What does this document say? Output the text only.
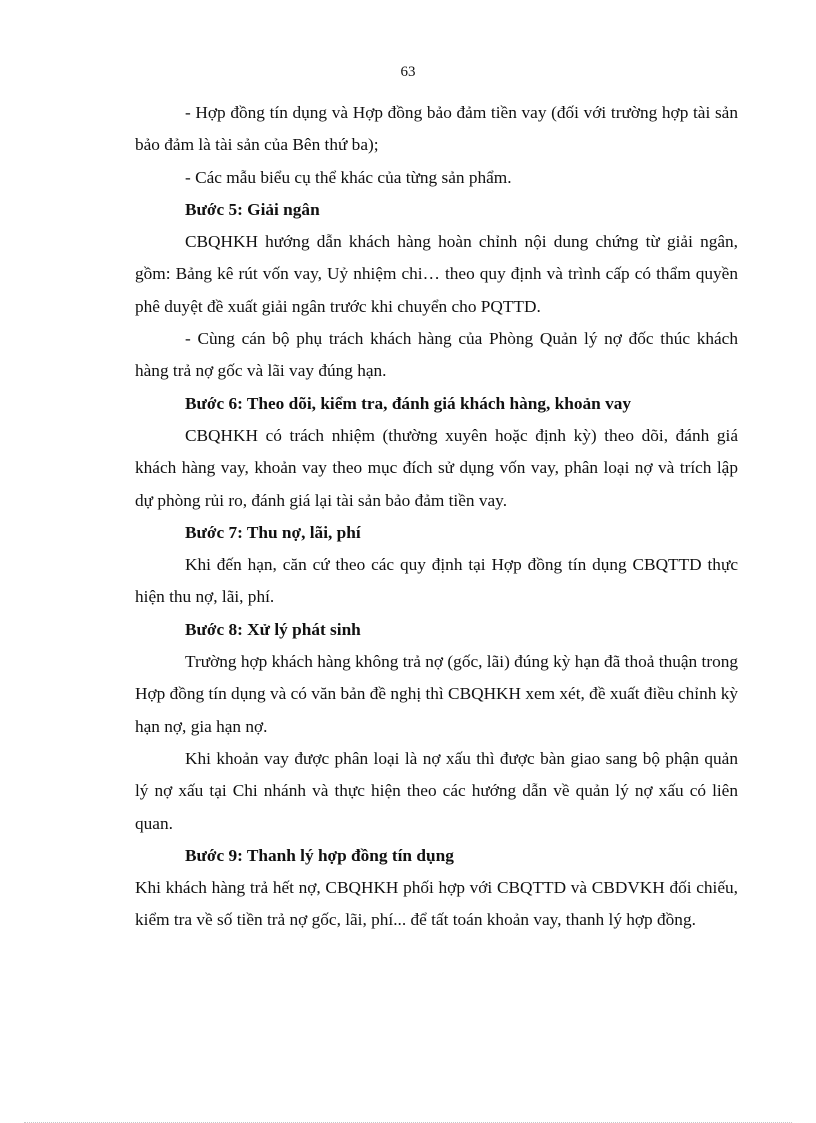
63

- Hợp đồng tín dụng và Hợp đồng bảo đảm tiền vay (đối với trường hợp tài sản bảo đảm là tài sản của Bên thứ ba);

- Các mẫu biểu cụ thể khác của từng sản phẩm.

Bước 5: Giải ngân

CBQHKH hướng dẫn khách hàng hoàn chỉnh nội dung chứng từ giải ngân, gồm: Bảng kê rút vốn vay, Uỷ nhiệm chi… theo quy định và trình cấp có thẩm quyền phê duyệt đề xuất giải ngân trước khi chuyển cho PQTTD.

- Cùng cán bộ phụ trách khách hàng của Phòng Quản lý nợ đốc thúc khách hàng trả nợ gốc và lãi vay đúng hạn.

Bước 6: Theo dõi, kiểm tra, đánh giá khách hàng, khoản vay

CBQHKH có trách nhiệm (thường xuyên hoặc định kỳ) theo dõi, đánh giá khách hàng vay, khoản vay theo mục đích sử dụng vốn vay, phân loại nợ và trích lập dự phòng rủi ro, đánh giá lại tài sản bảo đảm tiền vay.

Bước 7: Thu nợ, lãi, phí

Khi đến hạn, căn cứ theo các quy định tại Hợp đồng tín dụng CBQTTD thực hiện thu nợ, lãi, phí.

Bước 8: Xử lý phát sinh

Trường hợp khách hàng không trả nợ (gốc, lãi) đúng kỳ hạn đã thoả thuận trong Hợp đồng tín dụng và có văn bản đề nghị thì CBQHKH xem xét, đề xuất điều chỉnh kỳ hạn nợ, gia hạn nợ.

Khi khoản vay được phân loại là nợ xấu thì được bàn giao sang bộ phận quản lý nợ xấu tại Chi nhánh và thực hiện theo các hướng dẫn về quản lý nợ xấu có liên quan.

Bước 9: Thanh lý hợp đồng tín dụng

Khi khách hàng trả hết nợ, CBQHKH phối hợp với CBQTTD và CBDVKH đối chiếu, kiểm tra về số tiền trả nợ gốc, lãi, phí... để tất toán khoản vay, thanh lý hợp đồng.
